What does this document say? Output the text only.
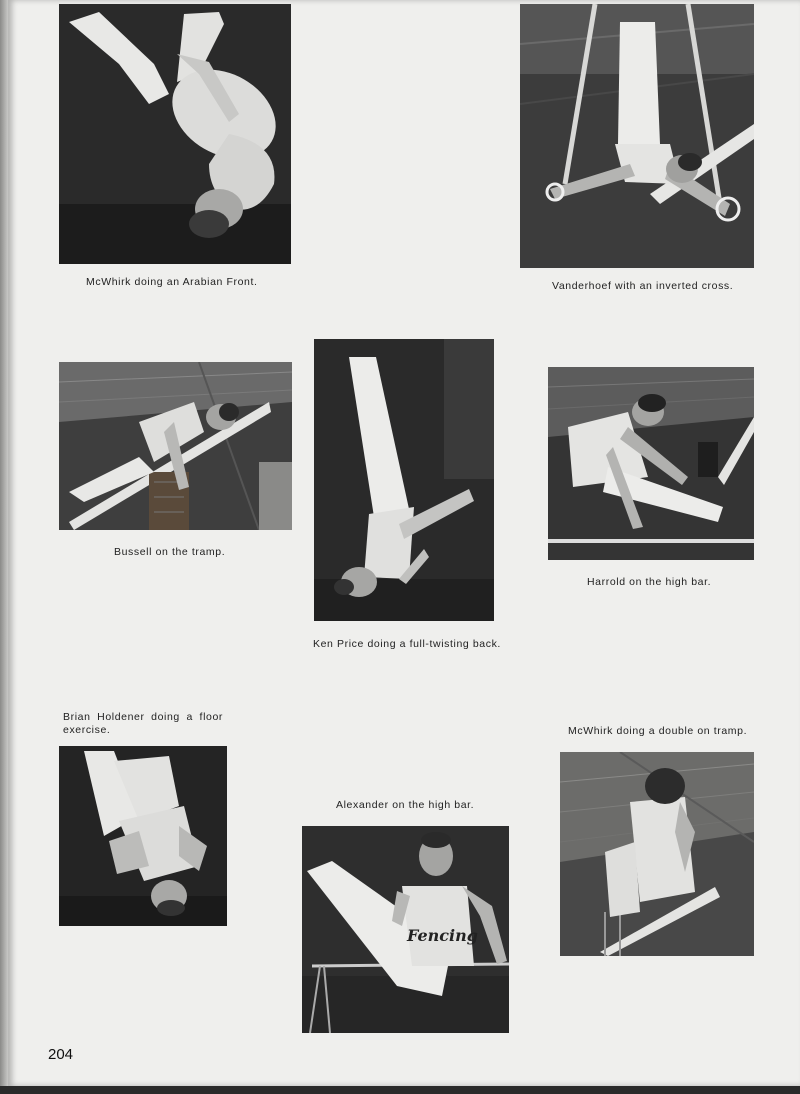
McWhirk doing an Arabian Front.	Vanderhoef with an inverted cross.
Bussell on the tramp.
Ken Price doing a full-twisting back.
Harrold on the high bar.
Brian Holdener doing a floor exercise.
Alexander on the high bar.
Fencing
McWhirk doing a double on tramp.
204
